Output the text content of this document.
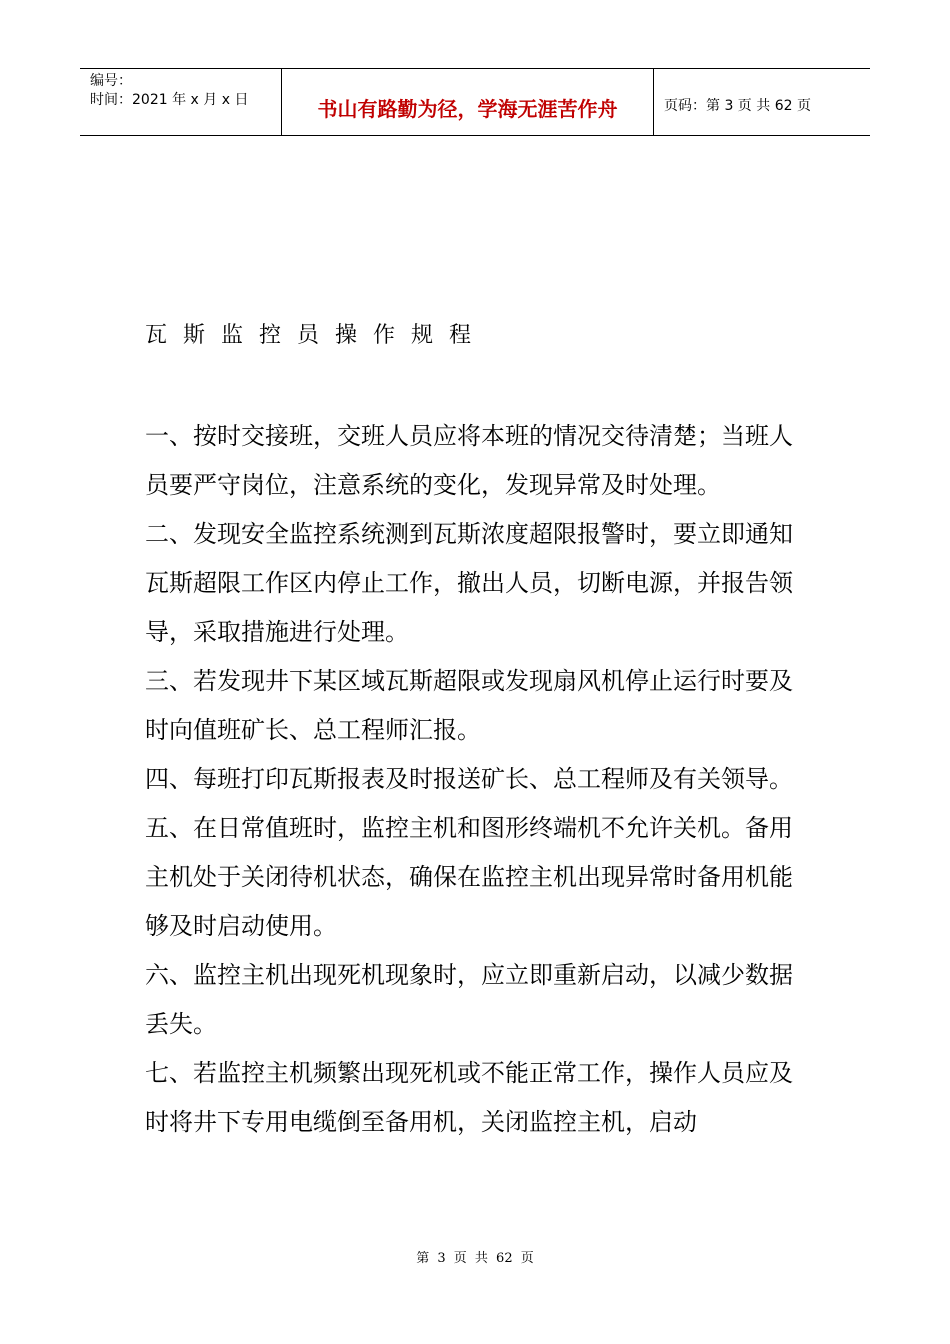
编号：
时间：2021 年 x 月 x 日	书山有路勤为径，学海无涯苦作舟	页码：第 3 页 共 62 页
瓦斯监控员操作规程

一、按时交接班，交班人员应将本班的情况交待清楚；当班人员要严守岗位，注意系统的变化，发现异常及时处理。

二、发现安全监控系统测到瓦斯浓度超限报警时，要立即通知瓦斯超限工作区内停止工作，撤出人员，切断电源，并报告领导，采取措施进行处理。

三、若发现井下某区域瓦斯超限或发现扇风机停止运行时要及时向值班矿长、总工程师汇报。

四、每班打印瓦斯报表及时报送矿长、总工程师及有关领导。

五、在日常值班时，监控主机和图形终端机不允许关机。备用主机处于关闭待机状态，确保在监控主机出现异常时备用机能够及时启动使用。

六、监控主机出现死机现象时，应立即重新启动，以减少数据丢失。

七、若监控主机频繁出现死机或不能正常工作，操作人员应及时将井下专用电缆倒至备用机，关闭监控主机，启动

第 3 页 共 62 页
